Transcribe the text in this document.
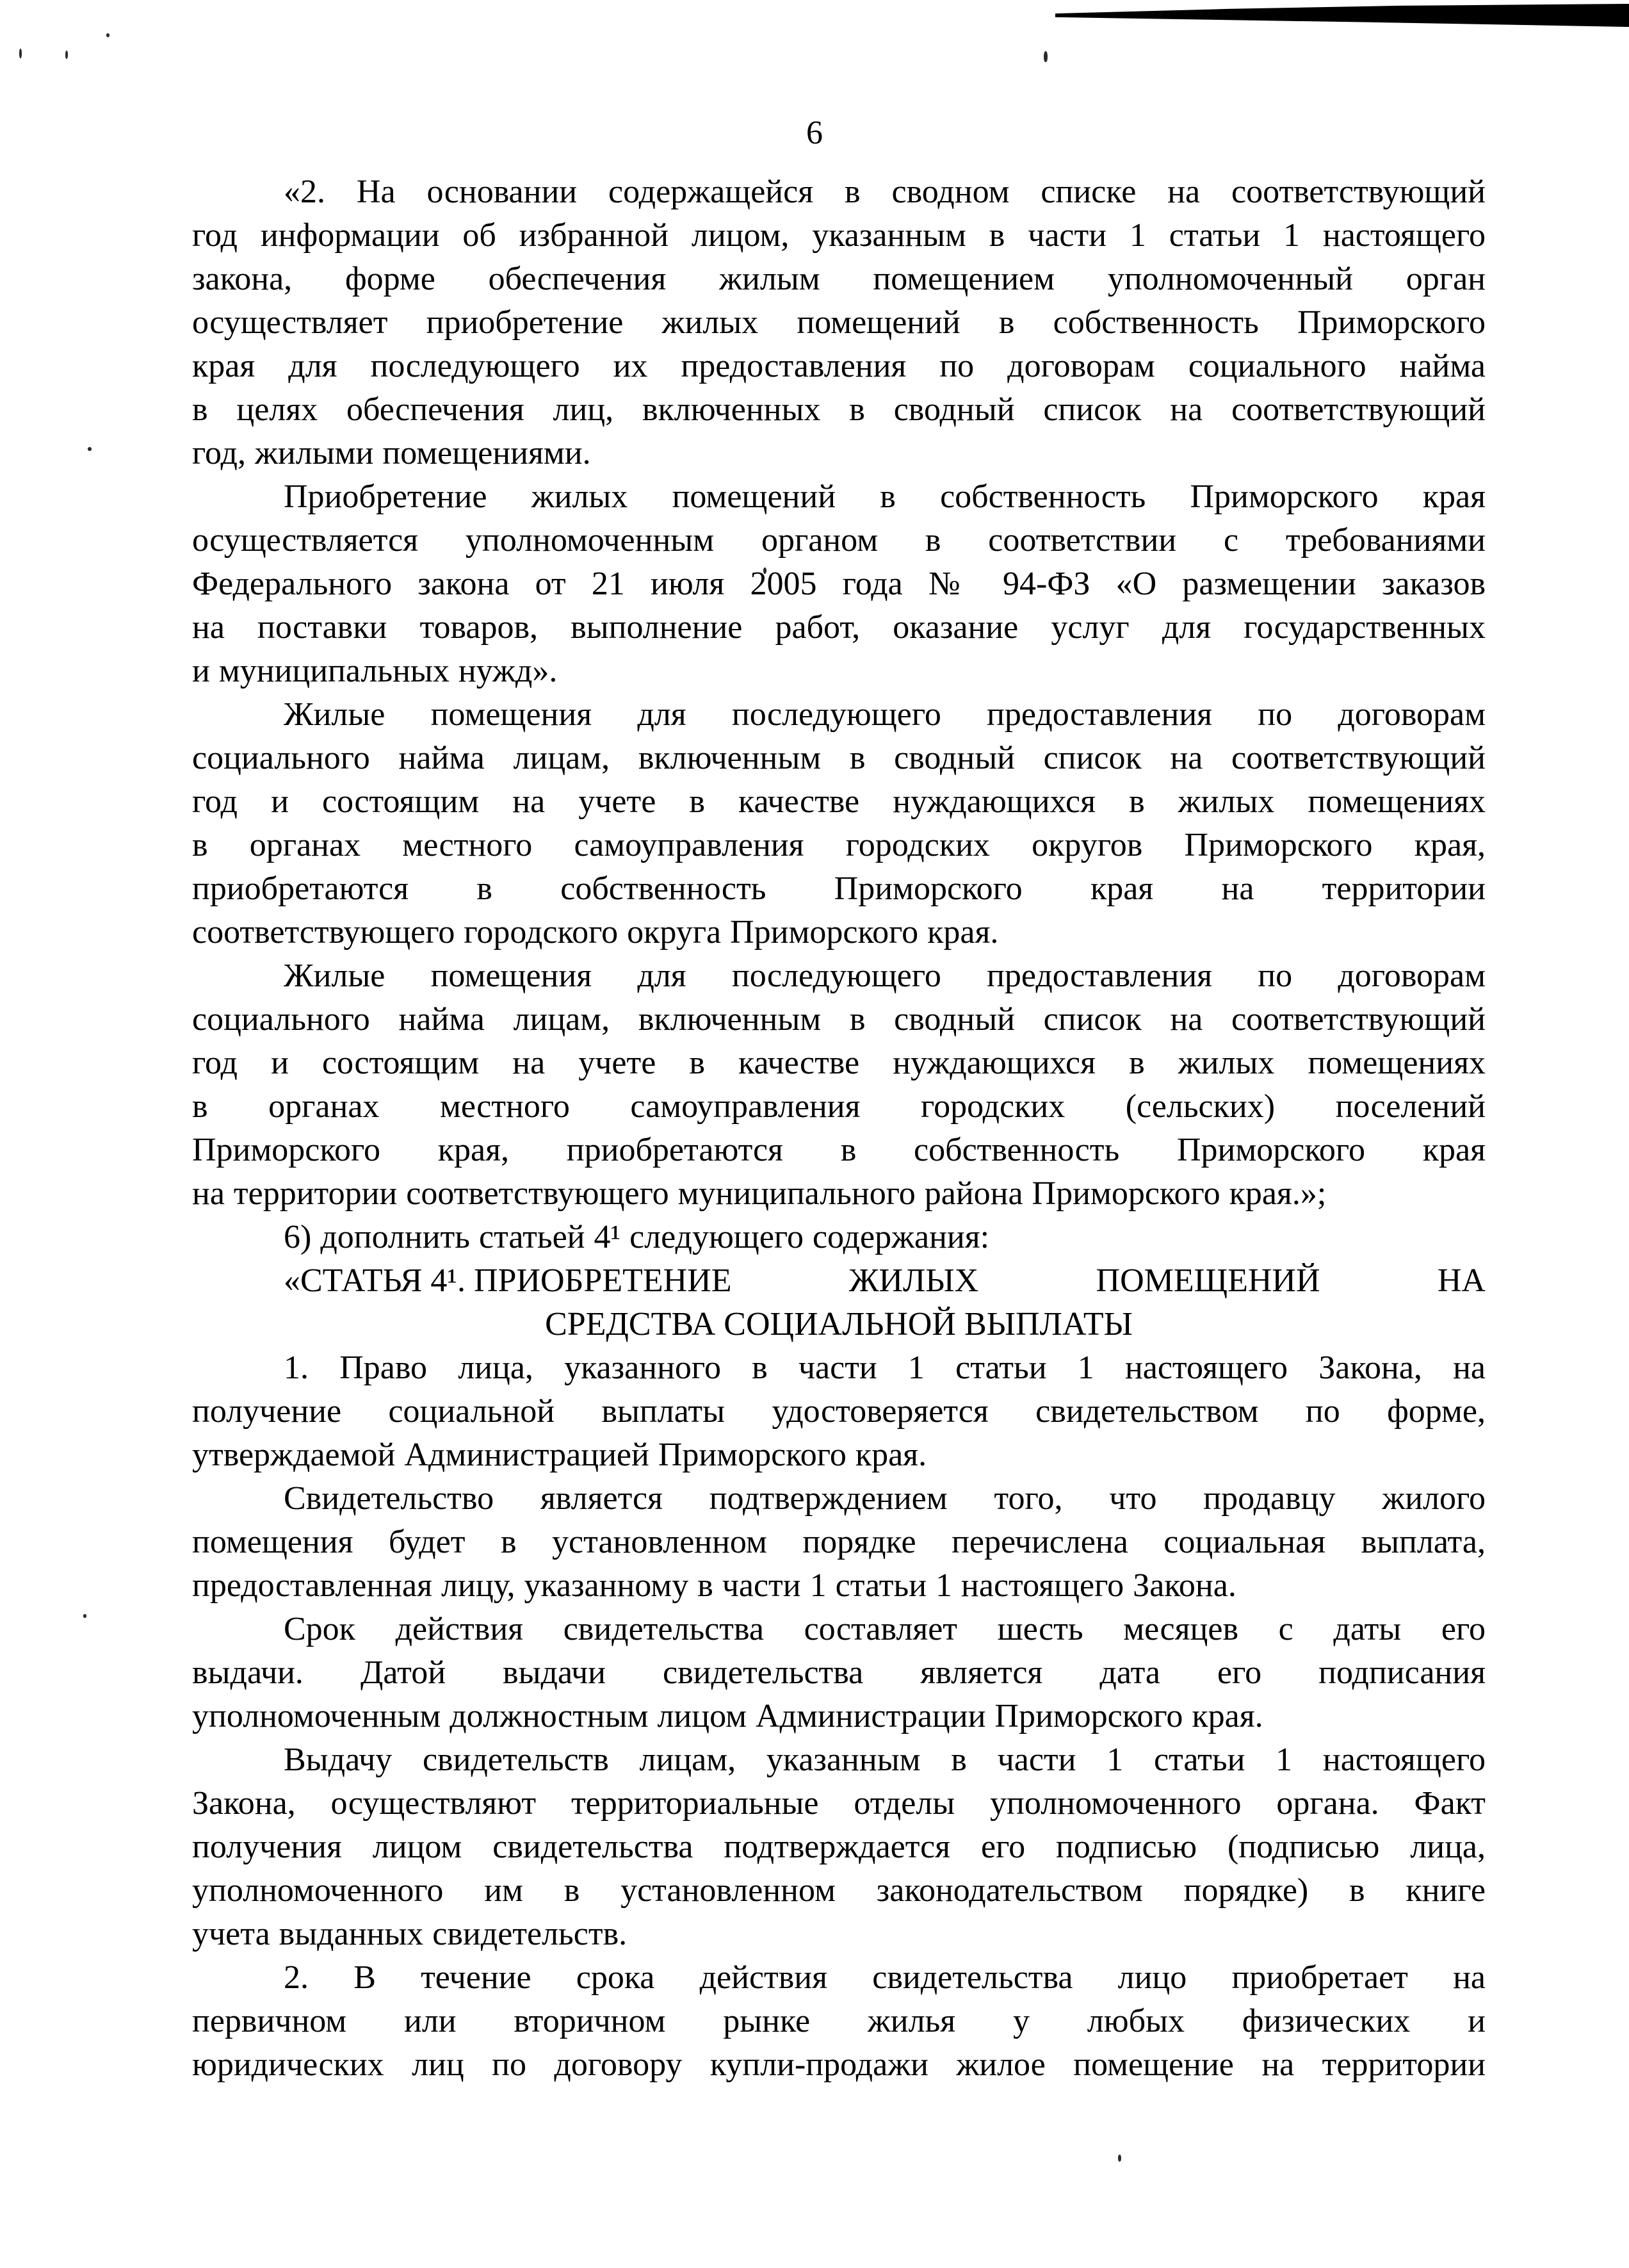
6
«2. На основании содержащейся в сводном списке на соответствующий
год информации об избранной лицом, указанным в части 1 статьи 1 настоящего
закона, форме обеспечения жилым помещением уполномоченный орган
осуществляет приобретение жилых помещений в собственность Приморского
края для последующего их предоставления по договорам социального найма
в целях обеспечения лиц, включенных в сводный список на соответствующий
год, жилыми помещениями.
Приобретение жилых помещений в собственность Приморского края
осуществляется уполномоченным органом в соответствии с требованиями
Федерального закона от 21 июля 2005 года № 94-ФЗ «О размещении заказов
на поставки товаров, выполнение работ, оказание услуг для государственных
и муниципальных нужд».
Жилые помещения для последующего предоставления по договорам
социального найма лицам, включенным в сводный список на соответствующий
год и состоящим на учете в качестве нуждающихся в жилых помещениях
в органах местного самоуправления городских округов Приморского края,
приобретаются в собственность Приморского края на территории
соответствующего городского округа Приморского края.
Жилые помещения для последующего предоставления по договорам
социального найма лицам, включенным в сводный список на соответствующий
год и состоящим на учете в качестве нуждающихся в жилых помещениях
в органах местного самоуправления городских (сельских) поселений
Приморского края, приобретаются в собственность Приморского края
на территории соответствующего муниципального района Приморского края.»;
6) дополнить статьей 4¹ следующего содержания:
«СТАТЬЯ 4¹. ПРИОБРЕТЕНИЕ	ЖИЛЫХ	ПОМЕЩЕНИЙ	НА
СРЕДСТВА СОЦИАЛЬНОЙ ВЫПЛАТЫ
1. Право лица, указанного в части 1 статьи 1 настоящего Закона, на
получение социальной выплаты удостоверяется свидетельством по форме,
утверждаемой Администрацией Приморского края.
Свидетельство является подтверждением того, что продавцу жилого
помещения будет в установленном порядке перечислена социальная выплата,
предоставленная лицу, указанному в части 1 статьи 1 настоящего Закона.
Срок действия свидетельства составляет шесть месяцев с даты его
выдачи. Датой выдачи свидетельства является дата его подписания
уполномоченным должностным лицом Администрации Приморского края.
Выдачу свидетельств лицам, указанным в части 1 статьи 1 настоящего
Закона, осуществляют территориальные отделы уполномоченного органа. Факт
получения лицом свидетельства подтверждается его подписью (подписью лица,
уполномоченного им в установленном законодательством порядке) в книге
учета выданных свидетельств.
2. В течение срока действия свидетельства лицо приобретает на
первичном или вторичном рынке жилья у любых физических и
юридических лиц по договору купли-продажи жилое помещение на территории
